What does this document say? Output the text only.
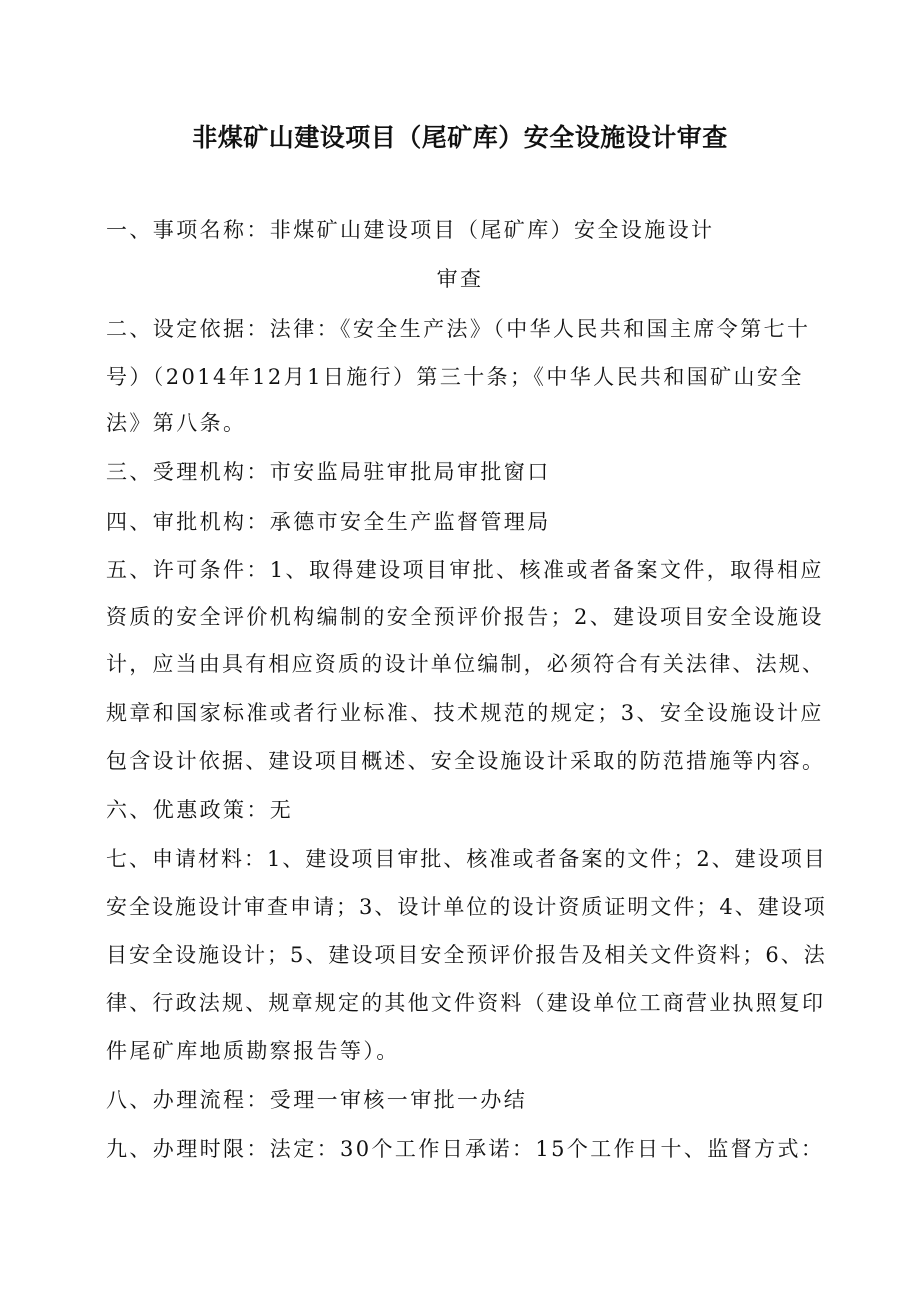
非煤矿山建设项目（尾矿库）安全设施设计审查

一、事项名称：非煤矿山建设项目（尾矿库）安全设施设计

审查

二、设定依据：法律：《安全生产法》（中华人民共和国主席令第七十

号）（2014年12月1日施行）第三十条；《中华人民共和国矿山安全

法》第八条。

三、受理机构：市安监局驻审批局审批窗口

四、审批机构：承德市安全生产监督管理局

五、许可条件：1、取得建设项目审批、核准或者备案文件，取得相应

资质的安全评价机构编制的安全预评价报告；2、建设项目安全设施设

计，应当由具有相应资质的设计单位编制，必须符合有关法律、法规、

规章和国家标准或者行业标准、技术规范的规定；3、安全设施设计应

包含设计依据、建设项目概述、安全设施设计采取的防范措施等内容。

六、优惠政策：无

七、申请材料：1、建设项目审批、核准或者备案的文件；2、建设项目

安全设施设计审查申请；3、设计单位的设计资质证明文件；4、建设项

目安全设施设计；5、建设项目安全预评价报告及相关文件资料；6、法

律、行政法规、规章规定的其他文件资料（建设单位工商营业执照复印

件尾矿库地质勘察报告等）。

八、办理流程：受理一审核一审批一办结

九、办理时限：法定：30个工作日承诺：15个工作日十、监督方式：
